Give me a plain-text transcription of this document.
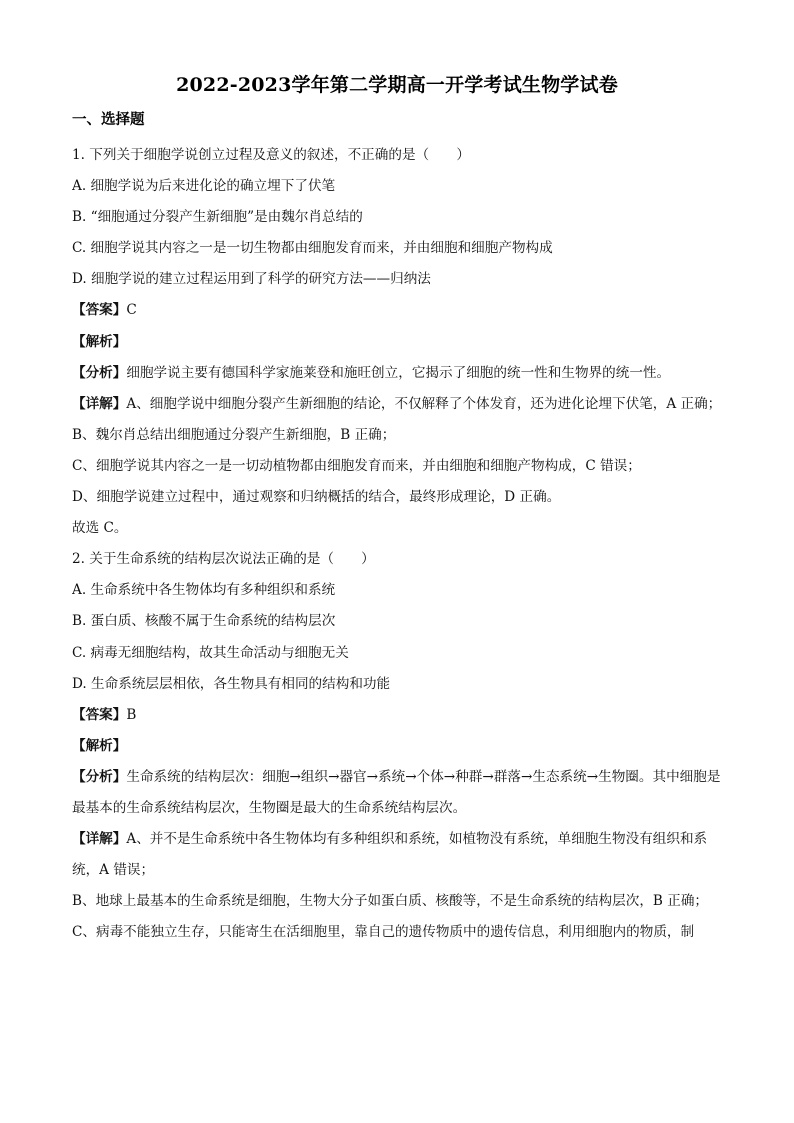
2022-2023学年第二学期高一开学考试生物学试卷
一、选择题
1. 下列关于细胞学说创立过程及意义的叙述，不正确的是（　　）
A. 细胞学说为后来进化论的确立埋下了伏笔
B. “细胞通过分裂产生新细胞”是由魏尔肖总结的
C. 细胞学说其内容之一是一切生物都由细胞发育而来，并由细胞和细胞产物构成
D. 细胞学说的建立过程运用到了科学的研究方法——归纳法
【答案】C
【解析】
【分析】细胞学说主要有德国科学家施莱登和施旺创立，它揭示了细胞的统一性和生物界的统一性。
【详解】A、细胞学说中细胞分裂产生新细胞的结论，不仅解释了个体发育，还为进化论埋下伏笔，A 正确；
B、魏尔肖总结出细胞通过分裂产生新细胞，B 正确；
C、细胞学说其内容之一是一切动植物都由细胞发育而来，并由细胞和细胞产物构成，C 错误；
D、细胞学说建立过程中，通过观察和归纳概括的结合，最终形成理论，D 正确。
故选 C。
2. 关于生命系统的结构层次说法正确的是（　　）
A. 生命系统中各生物体均有多种组织和系统
B. 蛋白质、核酸不属于生命系统的结构层次
C. 病毒无细胞结构，故其生命活动与细胞无关
D. 生命系统层层相依，各生物具有相同的结构和功能
【答案】B
【解析】
【分析】生命系统的结构层次：细胞→组织→器官→系统→个体→种群→群落→生态系统→生物圈。其中细胞是最基本的生命系统结构层次，生物圈是最大的生命系统结构层次。
【详解】A、并不是生命系统中各生物体均有多种组织和系统，如植物没有系统，单细胞生物没有组织和系统，A 错误；
B、地球上最基本的生命系统是细胞，生物大分子如蛋白质、核酸等，不是生命系统的结构层次，B 正确；
C、病毒不能独立生存，只能寄生在活细胞里，靠自己的遗传物质中的遗传信息，利用细胞内的物质，制
